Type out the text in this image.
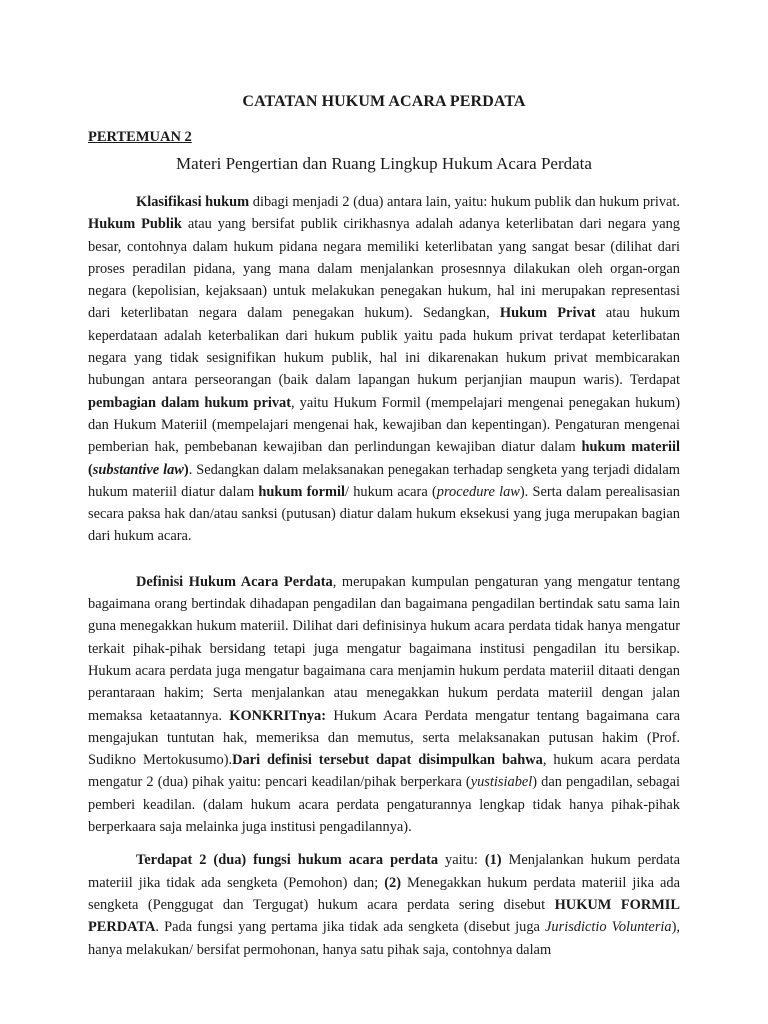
CATATAN HUKUM ACARA PERDATA
PERTEMUAN 2
Materi Pengertian dan Ruang Lingkup Hukum Acara Perdata

Klasifikasi hukum dibagi menjadi 2 (dua) antara lain, yaitu: hukum publik dan hukum privat. Hukum Publik atau yang bersifat publik cirikhasnya adalah adanya keterlibatan dari negara yang besar, contohnya dalam hukum pidana negara memiliki keterlibatan yang sangat besar (dilihat dari proses peradilan pidana, yang mana dalam menjalankan prosesnnya dilakukan oleh organ-organ negara (kepolisian, kejaksaan) untuk melakukan penegakan hukum, hal ini merupakan representasi dari keterlibatan negara dalam penegakan hukum). Sedangkan, Hukum Privat atau hukum keperdataan adalah keterbalikan dari hukum publik yaitu pada hukum privat terdapat keterlibatan negara yang tidak sesignifikan hukum publik, hal ini dikarenakan hukum privat membicarakan hubungan antara perseorangan (baik dalam lapangan hukum perjanjian maupun waris). Terdapat pembagian dalam hukum privat, yaitu Hukum Formil (mempelajari mengenai penegakan hukum) dan Hukum Materiil (mempelajari mengenai hak, kewajiban dan kepentingan). Pengaturan mengenai pemberian hak, pembebanan kewajiban dan perlindungan kewajiban diatur dalam hukum materiil (substantive law). Sedangkan dalam melaksanakan penegakan terhadap sengketa yang terjadi didalam hukum materiil diatur dalam hukum formil/ hukum acara (procedure law). Serta dalam perealisasian secara paksa hak dan/atau sanksi (putusan) diatur dalam hukum eksekusi yang juga merupakan bagian dari hukum acara.

Definisi Hukum Acara Perdata, merupakan kumpulan pengaturan yang mengatur tentang bagaimana orang bertindak dihadapan pengadilan dan bagaimana pengadilan bertindak satu sama lain guna menegakkan hukum materiil. Dilihat dari definisinya hukum acara perdata tidak hanya mengatur terkait pihak-pihak bersidang tetapi juga mengatur bagaimana institusi pengadilan itu bersikap. Hukum acara perdata juga mengatur bagaimana cara menjamin hukum perdata materiil ditaati dengan perantaraan hakim; Serta menjalankan atau menegakkan hukum perdata materiil dengan jalan memaksa ketaatannya. KONKRITnya: Hukum Acara Perdata mengatur tentang bagaimana cara mengajukan tuntutan hak, memeriksa dan memutus, serta melaksanakan putusan hakim (Prof. Sudikno Mertokusumo).Dari definisi tersebut dapat disimpulkan bahwa, hukum acara perdata mengatur 2 (dua) pihak yaitu: pencari keadilan/pihak berperkara (yustisiabel) dan pengadilan, sebagai pemberi keadilan. (dalam hukum acara perdata pengaturannya lengkap tidak hanya pihak-pihak berperkaara saja melainka juga institusi pengadilannya).

Terdapat 2 (dua) fungsi hukum acara perdata yaitu: (1) Menjalankan hukum perdata materiil jika tidak ada sengketa (Pemohon) dan; (2) Menegakkan hukum perdata materiil jika ada sengketa (Penggugat dan Tergugat) hukum acara perdata sering disebut HUKUM FORMIL PERDATA. Pada fungsi yang pertama jika tidak ada sengketa (disebut juga Jurisdictio Volunteria), hanya melakukan/ bersifat permohonan, hanya satu pihak saja, contohnya dalam
